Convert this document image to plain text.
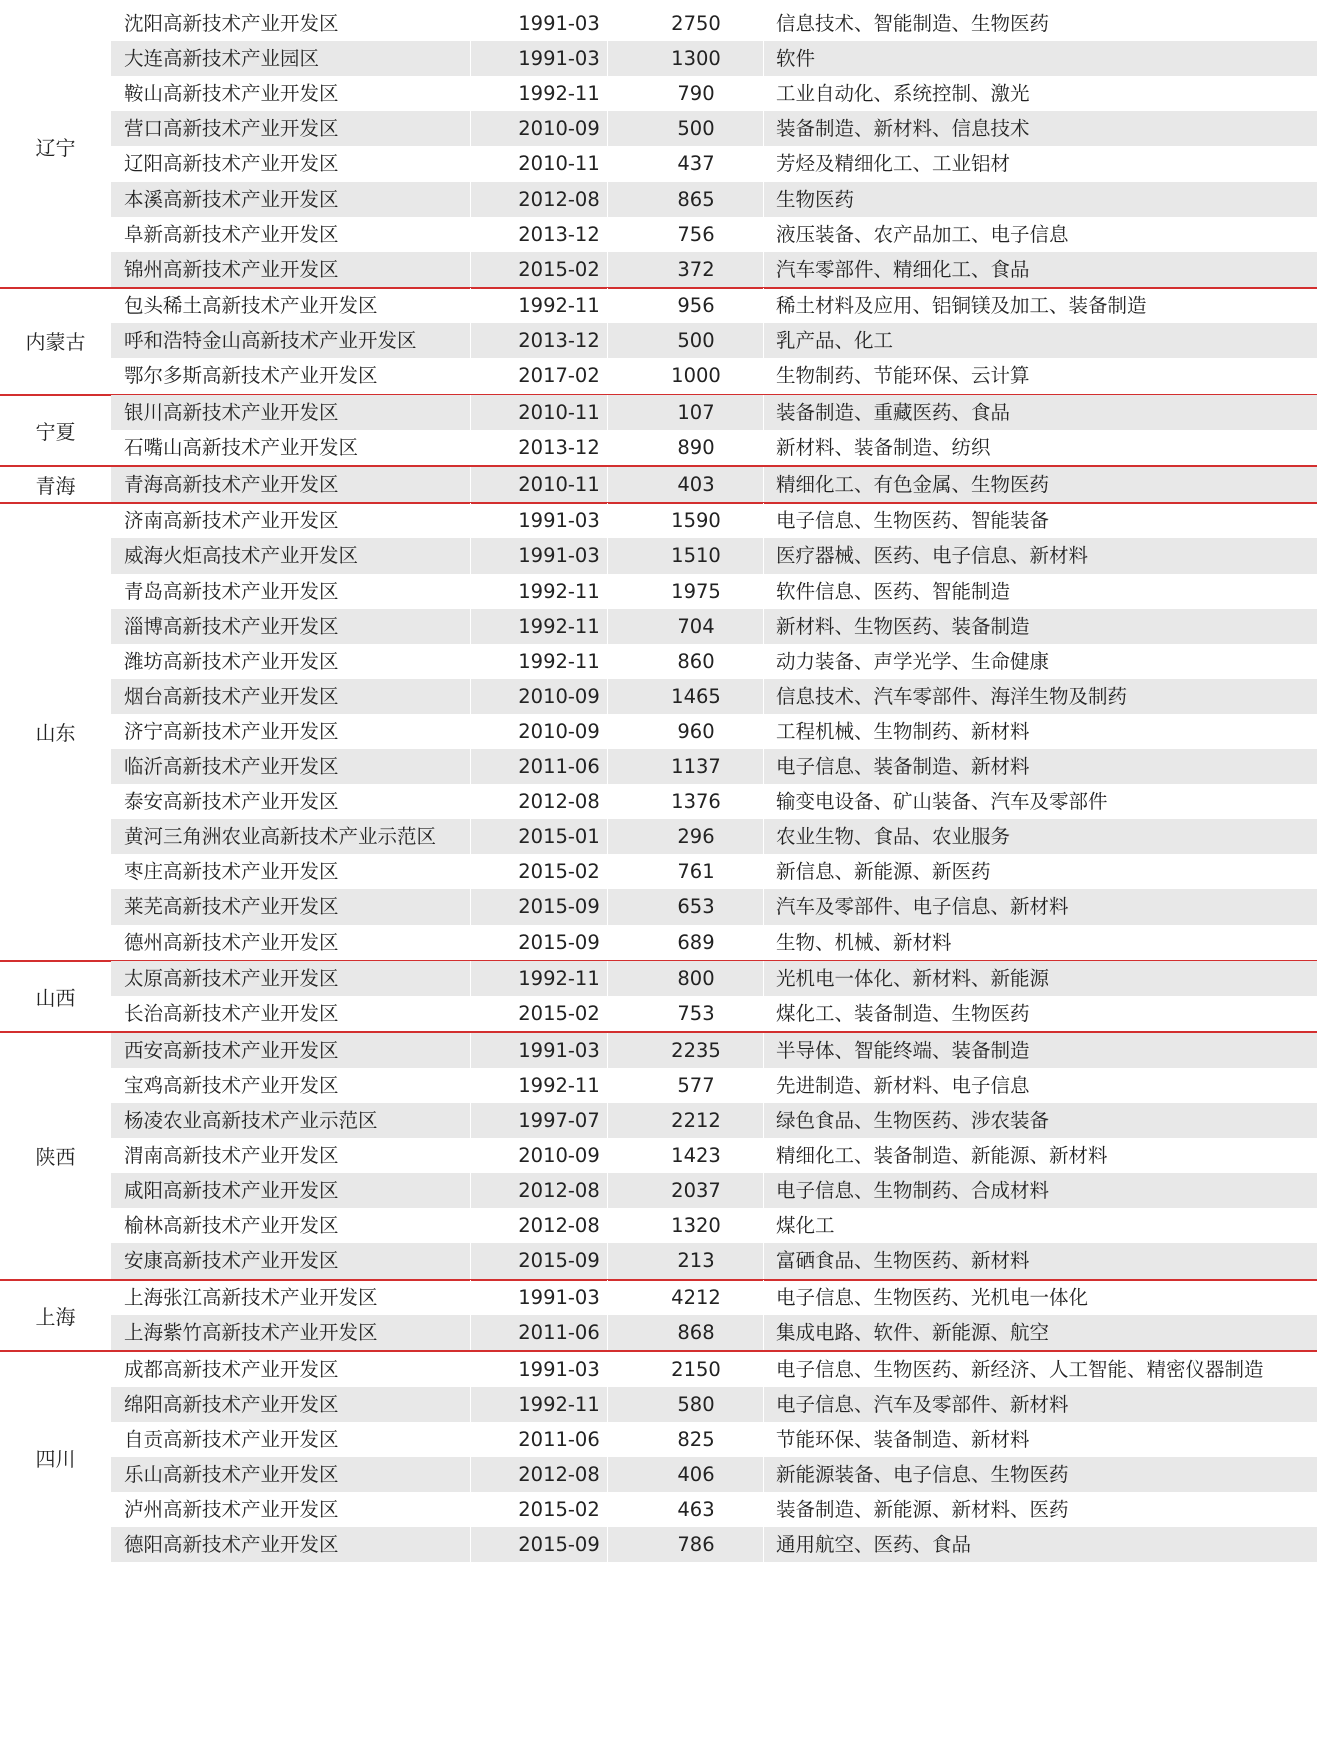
辽宁
沈阳高新技术产业开发区	1991-03	2750	信息技术、智能制造、生物医药
大连高新技术产业园区	1991-03	1300	软件
鞍山高新技术产业开发区	1992-11	790	工业自动化、系统控制、激光
营口高新技术产业开发区	2010-09	500	装备制造、新材料、信息技术
辽阳高新技术产业开发区	2010-11	437	芳烃及精细化工、工业铝材
本溪高新技术产业开发区	2012-08	865	生物医药
阜新高新技术产业开发区	2013-12	756	液压装备、农产品加工、电子信息
锦州高新技术产业开发区	2015-02	372	汽车零部件、精细化工、食品
内蒙古
包头稀土高新技术产业开发区	1992-11	956	稀土材料及应用、铝铜镁及加工、装备制造
呼和浩特金山高新技术产业开发区	2013-12	500	乳产品、化工
鄂尔多斯高新技术产业开发区	2017-02	1000	生物制药、节能环保、云计算
宁夏
银川高新技术产业开发区	2010-11	107	装备制造、重藏医药、食品
石嘴山高新技术产业开发区	2013-12	890	新材料、装备制造、纺织
青海	青海高新技术产业开发区	2010-11	403	精细化工、有色金属、生物医药
山东
济南高新技术产业开发区	1991-03	1590	电子信息、生物医药、智能装备
威海火炬高技术产业开发区	1991-03	1510	医疗器械、医药、电子信息、新材料
青岛高新技术产业开发区	1992-11	1975	软件信息、医药、智能制造
淄博高新技术产业开发区	1992-11	704	新材料、生物医药、装备制造
潍坊高新技术产业开发区	1992-11	860	动力装备、声学光学、生命健康
烟台高新技术产业开发区	2010-09	1465	信息技术、汽车零部件、海洋生物及制药
济宁高新技术产业开发区	2010-09	960	工程机械、生物制药、新材料
临沂高新技术产业开发区	2011-06	1137	电子信息、装备制造、新材料
泰安高新技术产业开发区	2012-08	1376	输变电设备、矿山装备、汽车及零部件
黄河三角洲农业高新技术产业示范区	2015-01	296	农业生物、食品、农业服务
枣庄高新技术产业开发区	2015-02	761	新信息、新能源、新医药
莱芜高新技术产业开发区	2015-09	653	汽车及零部件、电子信息、新材料
德州高新技术产业开发区	2015-09	689	生物、机械、新材料
山西
太原高新技术产业开发区	1992-11	800	光机电一体化、新材料、新能源
长治高新技术产业开发区	2015-02	753	煤化工、装备制造、生物医药
陕西
西安高新技术产业开发区	1991-03	2235	半导体、智能终端、装备制造
宝鸡高新技术产业开发区	1992-11	577	先进制造、新材料、电子信息
杨凌农业高新技术产业示范区	1997-07	2212	绿色食品、生物医药、涉农装备
渭南高新技术产业开发区	2010-09	1423	精细化工、装备制造、新能源、新材料
咸阳高新技术产业开发区	2012-08	2037	电子信息、生物制药、合成材料
榆林高新技术产业开发区	2012-08	1320	煤化工
安康高新技术产业开发区	2015-09	213	富硒食品、生物医药、新材料
上海
上海张江高新技术产业开发区	1991-03	4212	电子信息、生物医药、光机电一体化
上海紫竹高新技术产业开发区	2011-06	868	集成电路、软件、新能源、航空
四川
成都高新技术产业开发区	1991-03	2150	电子信息、生物医药、新经济、人工智能、精密仪器制造
绵阳高新技术产业开发区	1992-11	580	电子信息、汽车及零部件、新材料
自贡高新技术产业开发区	2011-06	825	节能环保、装备制造、新材料
乐山高新技术产业开发区	2012-08	406	新能源装备、电子信息、生物医药
泸州高新技术产业开发区	2015-02	463	装备制造、新能源、新材料、医药
德阳高新技术产业开发区	2015-09	786	通用航空、医药、食品
